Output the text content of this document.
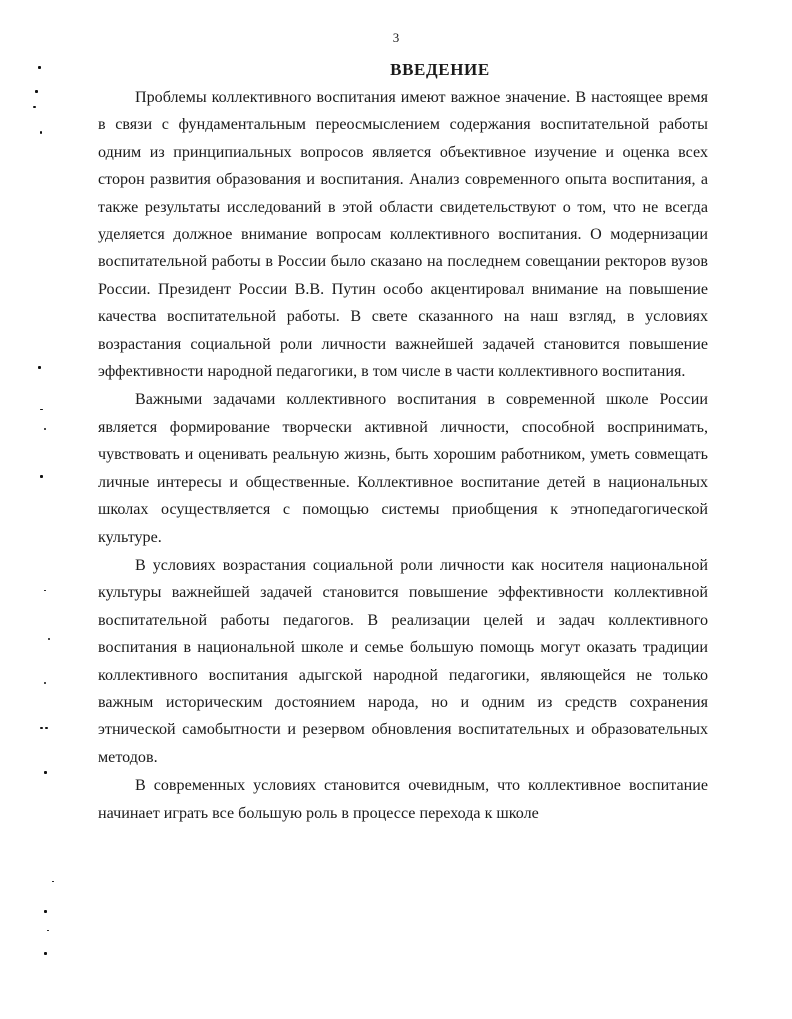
3
ВВЕДЕНИЕ

Проблемы коллективного воспитания имеют важное значение. В настоящее время в связи с фундаментальным переосмыслением содержания воспитательной работы одним из принципиальных вопросов является объективное изучение и оценка всех сторон развития образования и воспитания. Анализ современного опыта воспитания, а также результаты исследований в этой области свидетельствуют о том, что не всегда уделяется должное внимание вопросам коллективного воспитания. О модернизации воспитательной работы в России было сказано на последнем совещании ректоров вузов России. Президент России В.В. Путин особо акцентировал внимание на повышение качества воспитательной работы. В свете сказанного на наш взгляд, в условиях возрастания социальной роли личности важнейшей задачей становится повышение эффективности народной педагогики, в том числе в части коллективного воспитания.

Важными задачами коллективного воспитания в современной школе России является формирование творчески активной личности, способной воспринимать, чувствовать и оценивать реальную жизнь, быть хорошим работником, уметь совмещать личные интересы и общественные. Коллективное воспитание детей в национальных школах осуществляется с помощью системы приобщения к этнопедагогической культуре.

В условиях возрастания социальной роли личности как носителя национальной культуры важнейшей задачей становится повышение эффективности коллективной воспитательной работы педагогов. В реализации целей и задач коллективного воспитания в национальной школе и семье большую помощь могут оказать традиции коллективного воспитания адыгской народной педагогики, являющейся не только важным историческим достоянием народа, но и одним из средств сохранения этнической самобытности и резервом обновления воспитательных и образовательных методов.

В современных условиях становится очевидным, что коллективное воспитание начинает играть все большую роль в процессе перехода к школе
